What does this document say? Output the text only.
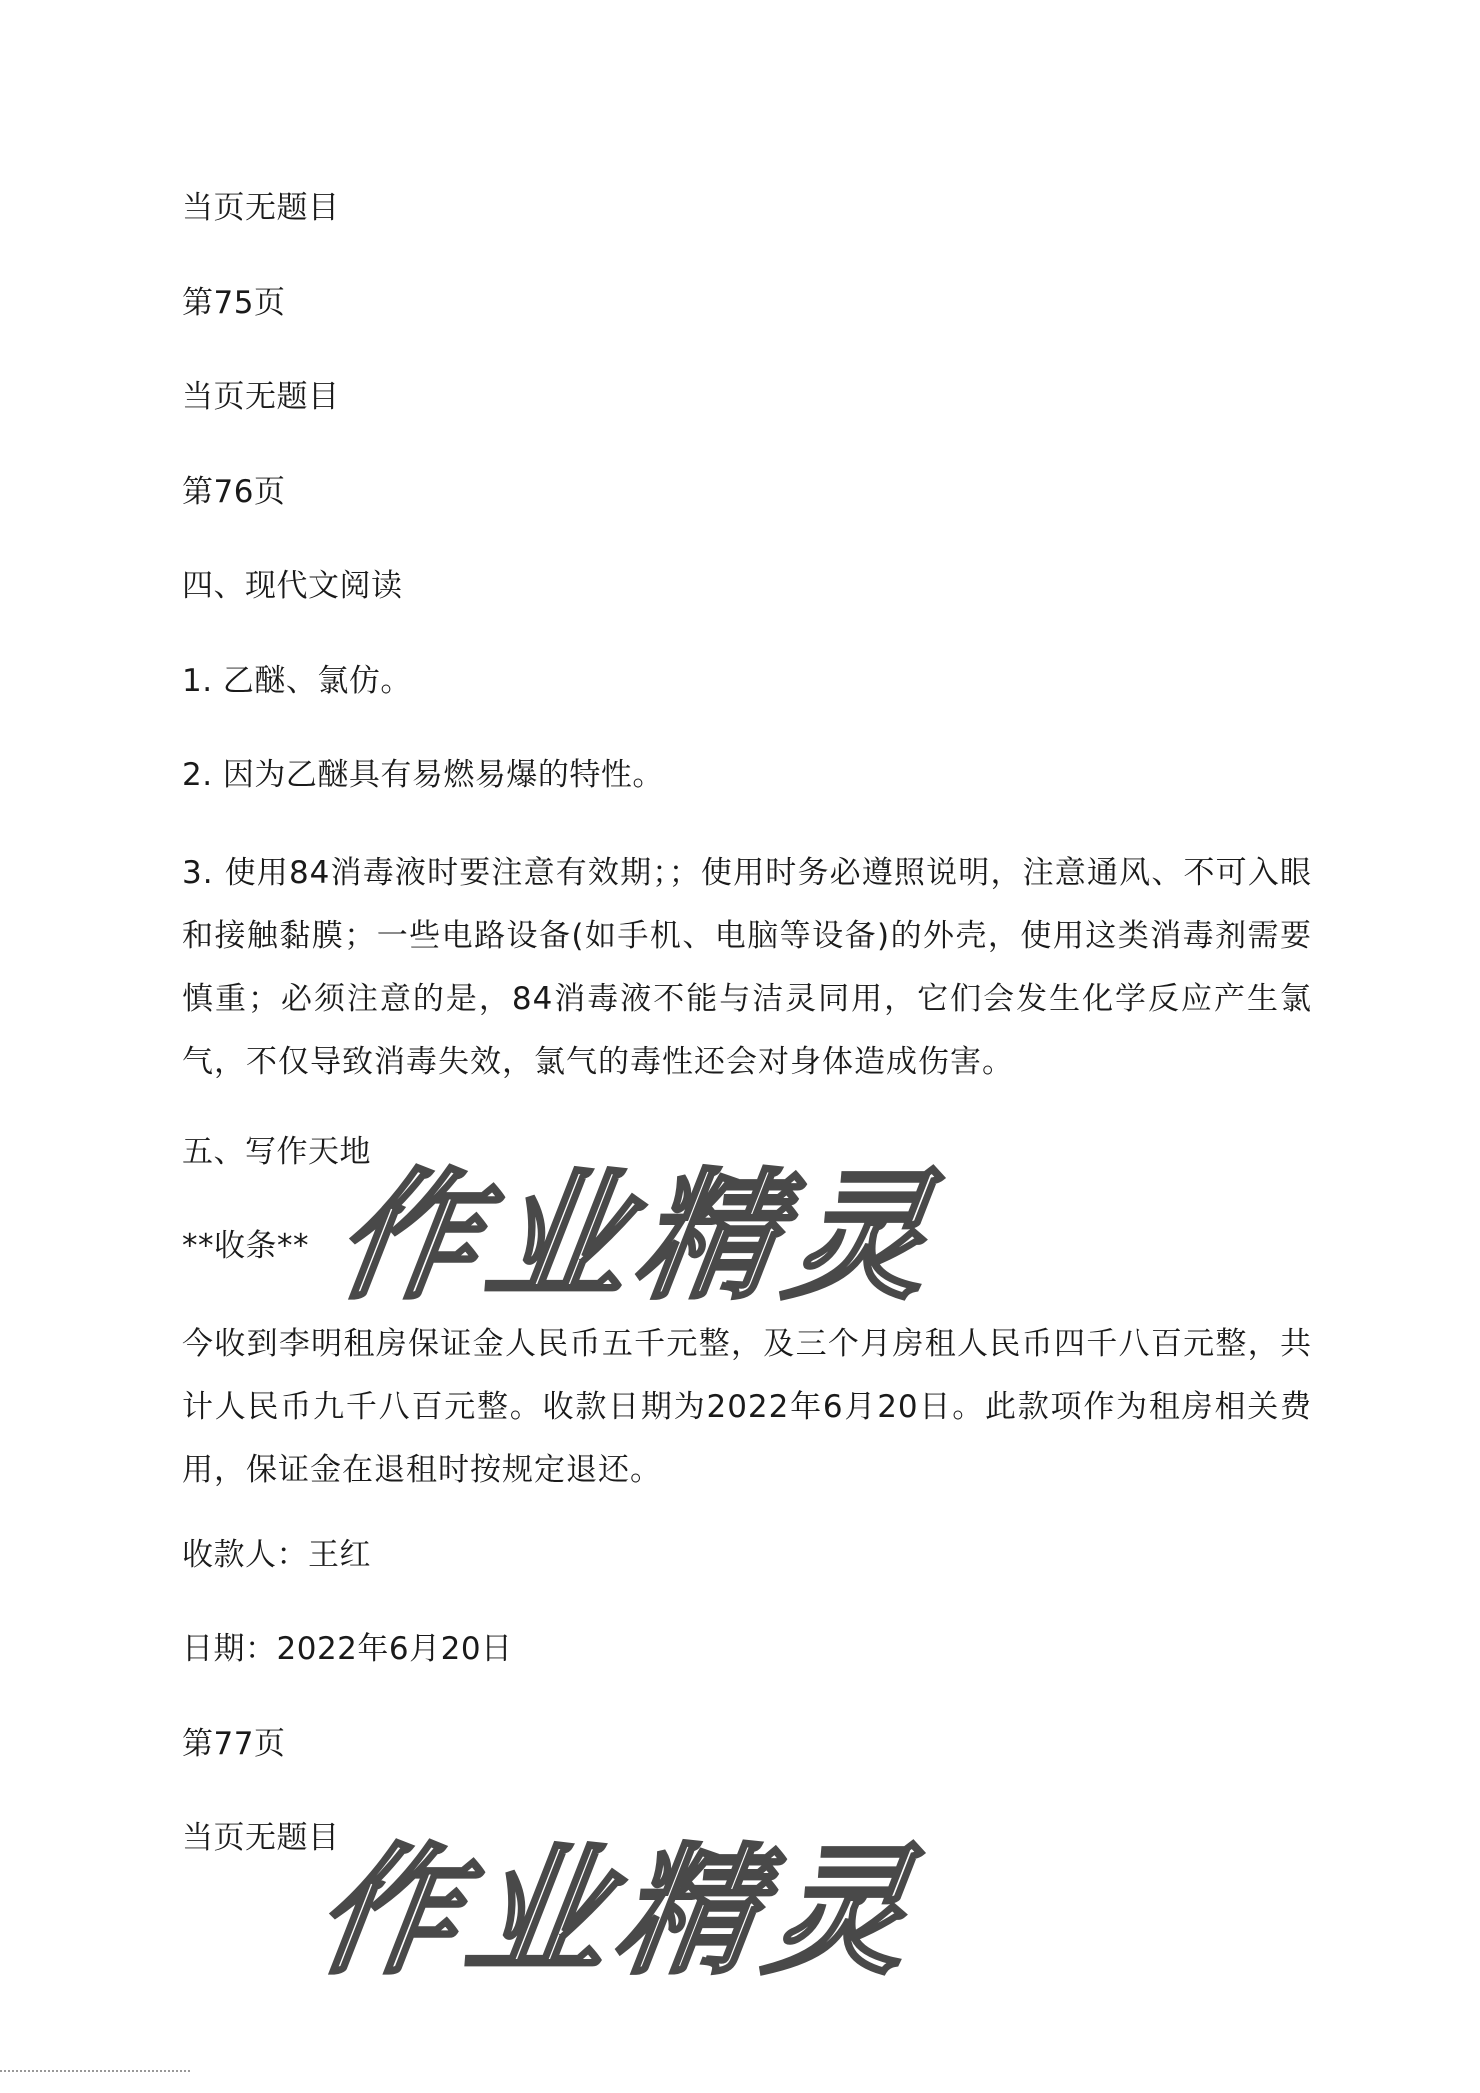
当页无题目
第75页
当页无题目
第76页
四、现代文阅读
1. 乙醚、氯仿。
2. 因为乙醚具有易燃易爆的特性。
3. 使用84消毒液时要注意有效期；；使用时务必遵照说明，注意通风、不可入眼和接触黏膜；一些电路设备(如手机、电脑等设备)的外壳，使用这类消毒剂需要慎重；必须注意的是，84消毒液不能与洁灵同用，它们会发生化学反应产生氯气，不仅导致消毒失效，氯气的毒性还会对身体造成伤害。
五、写作天地
**收条**
今收到李明租房保证金人民币五千元整，及三个月房租人民币四千八百元整，共计人民币九千八百元整。收款日期为2022年6月20日。此款项作为租房相关费用，保证金在退租时按规定退还。
收款人：王红
日期：2022年6月20日
第77页
当页无题目
作业精灵
作业精灵
